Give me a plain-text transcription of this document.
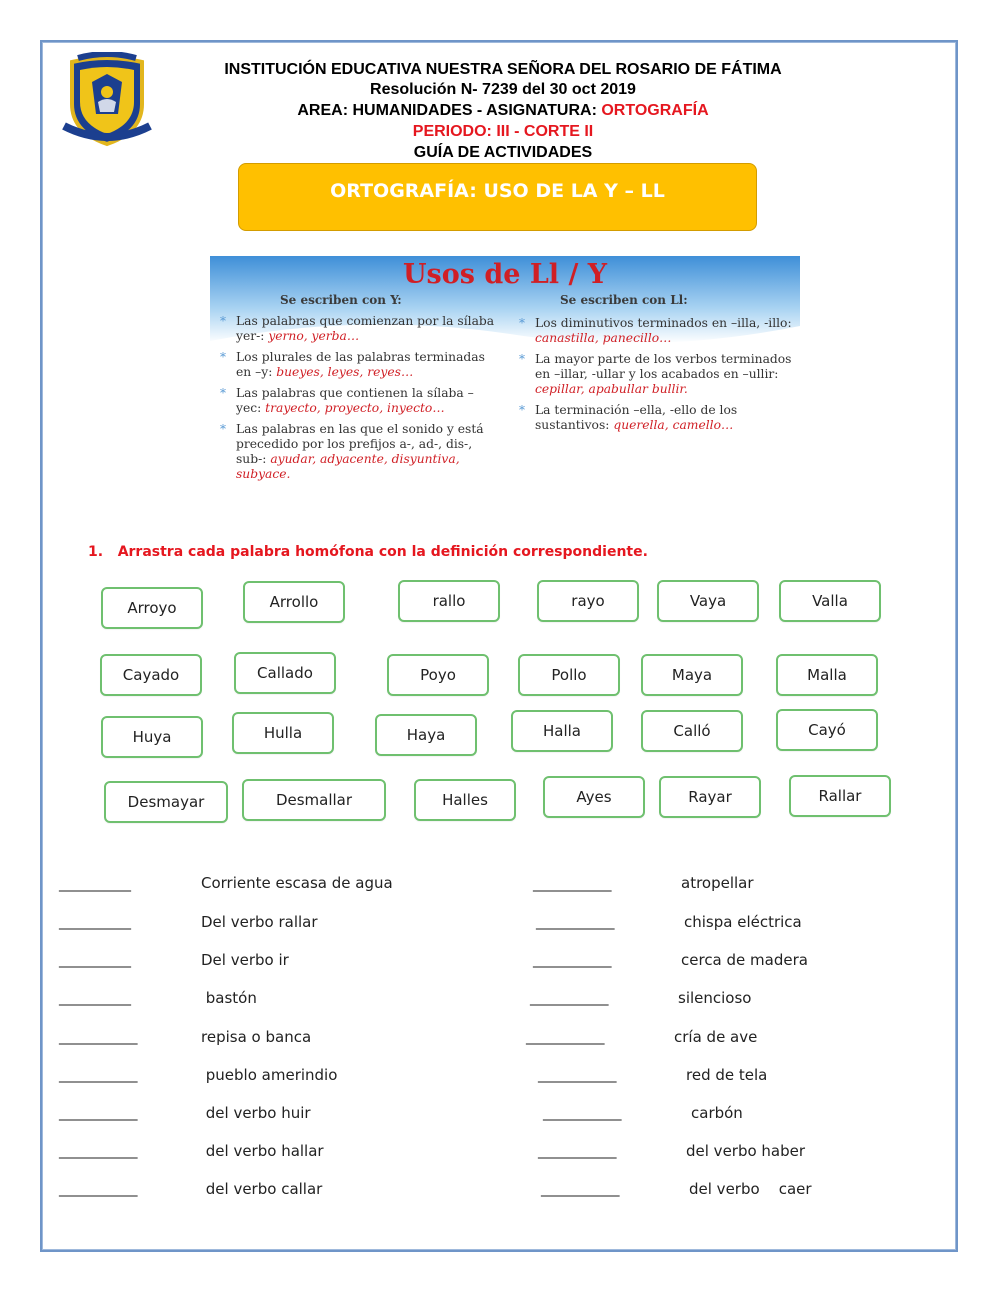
INSTITUCIÓN EDUCATIVA NUESTRA SEÑORA DEL ROSARIO DE FÁTIMA
Resolución N- 7239 del 30 oct 2019
AREA: HUMANIDADES - ASIGNATURA: ORTOGRAFÍA
PERIODO: III - CORTE II
GUÍA DE ACTIVIDADES
ORTOGRAFÍA: USO DE LA Y – LL
Usos de Ll / Y
Se escriben con Y:	Se escriben con Ll:
* Las palabras que comienzan por la sílaba yer-: yerno, yerba…
* Los plurales de las palabras terminadas en –y: bueyes, leyes, reyes…
* Las palabras que contienen la sílaba –yec: trayecto, proyecto, inyecto…
* Las palabras en las que el sonido y está precedido por los prefijos a-, ad-, dis-, sub-: ayudar, adyacente, disyuntiva, subyace.
* Los diminutivos terminados en –illa, -illo: canastilla, panecillo…
* La mayor parte de los verbos terminados en –illar, -ullar y los acabados en –ullir: cepillar, apabullar bullir.
* La terminación –ella, -ello de los sustantivos: querella, camello…
1. Arrastra cada palabra homófona con la definición correspondiente.
Arroyo	Arrollo	rallo	rayo	Vaya	Valla
Cayado	Callado	Poyo	Pollo	Maya	Malla
Huya	Hulla	Haya	Halla	Calló	Cayó
Desmayar	Desmallar	Halles	Ayes	Rayar	Rallar
___________	Corriente escasa de agua
___________	Del verbo rallar
___________	Del verbo ir
___________	bastón
____________	repisa o banca
____________	pueblo amerindio
____________	del verbo huir
____________	del verbo hallar
____________	del verbo callar
____________	atropellar
____________	chispa eléctrica
____________	cerca de madera
____________	silencioso
____________	cría de ave
____________	red de tela
____________	carbón
____________	del verbo haber
____________	del verbo    caer
